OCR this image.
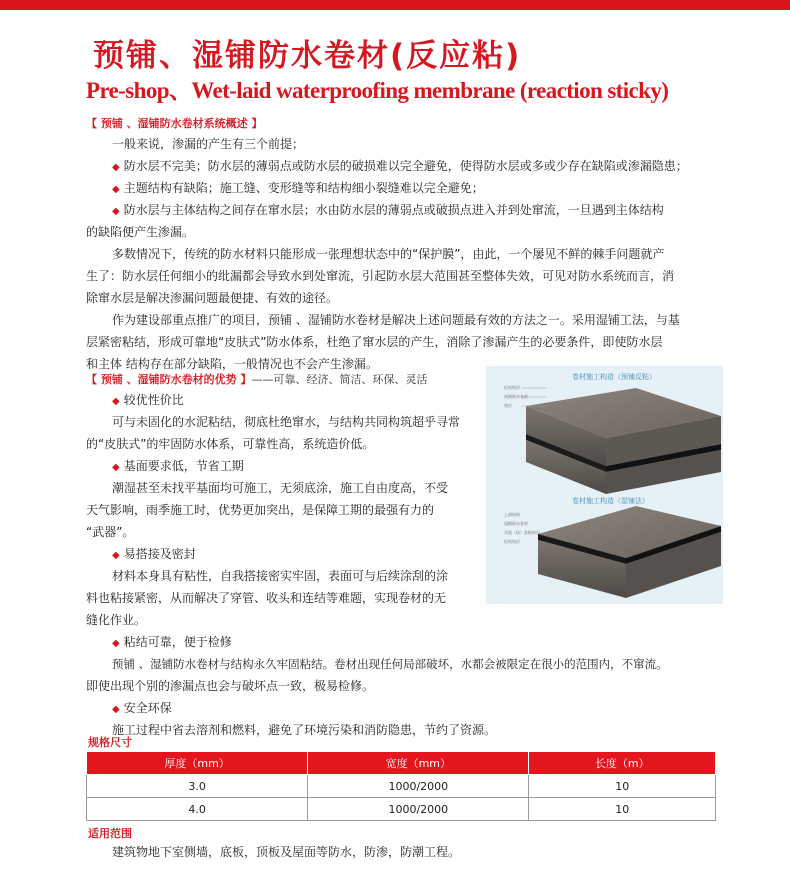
预铺、湿铺防水卷材(反应粘)
Pre-shop、Wet-laid waterproofing membrane (reaction sticky)
【 预铺 、湿铺防水卷材系统概述 】
一般来说，渗漏的产生有三个前提；
◆ 防水层不完美；防水层的薄弱点或防水层的破损难以完全避免，使得防水层或多或少存在缺陷或渗漏隐患；
◆ 主题结构有缺陷；施工缝、变形缝等和结构细小裂缝难以完全避免；
◆ 防水层与主体结构之间存在窜水层；水由防水层的薄弱点或破损点进入并到处窜流，一旦遇到主体结构
的缺陷便产生渗漏。
多数情况下，传统的防水材料只能形成一张理想状态中的“保护膜”，由此，一个屡见不鲜的棘手问题就产
生了：防水层任何细小的纰漏都会导致水到处窜流，引起防水层大范围甚至整体失效，可见对防水系统而言，消
除窜水层是解决渗漏问题最便捷、有效的途径。
作为建设部重点推广的项目，预铺 、湿铺防水卷材是解决上述问题最有效的方法之一。采用湿铺工法，与基
层紧密粘结，形成可靠地“皮肤式”防水体系，杜绝了窜水层的产生，消除了渗漏产生的必要条件，即使防水层
和主体 结构存在部分缺陷，一般情况也不会产生渗漏。
【 预铺 、湿铺防水卷材的优势 】——可靠、经济、简洁、环保、灵活
◆ 较优性价比
可与未固化的水泥粘结，彻底杜绝窜水，与结构共同构筑超乎寻常
的“皮肤式”的牢固防水体系，可靠性高，系统造价低。
◆ 基面要求低，节省工期
潮湿甚至未找平基面均可施工，无须底涂，施工自由度高，不受
天气影响，雨季施工时，优势更加突出，是保障工期的最强有力的
“武器”。
◆ 易搭接及密封
材料本身具有粘性，自我搭接密实牢固，表面可与后续涂刮的涂
料也粘接紧密，从而解决了穿管、收头和连结等难题，实现卷材的无
缝化作业。
◆ 粘结可靠，便于检修
预铺 、湿铺防水卷材与结构永久牢固粘结。卷材出现任何局部破坏，水都会被限定在很小的范围内，不窜流。
即使出现个别的渗漏点也会与破坏点一致，极易检修。
◆ 安全环保
施工过程中省去溶剂和燃料，避免了环境污染和消防隐患，节约了资源。
卷材施工构造（预铺反粘）
砼结构层
预铺防水卷材
垫层
卷材施工构造（湿铺法）
上部结构
湿铺防水卷材
水泥（砂）浆粘结层
砼结构层
规格尺寸
厚度（mm）	宽度（mm）	长度（m）
3.0	1000/2000	10
4.0	1000/2000	10
适用范围
建筑物地下室侧墙，底板，顶板及屋面等防水，防渗，防潮工程。
